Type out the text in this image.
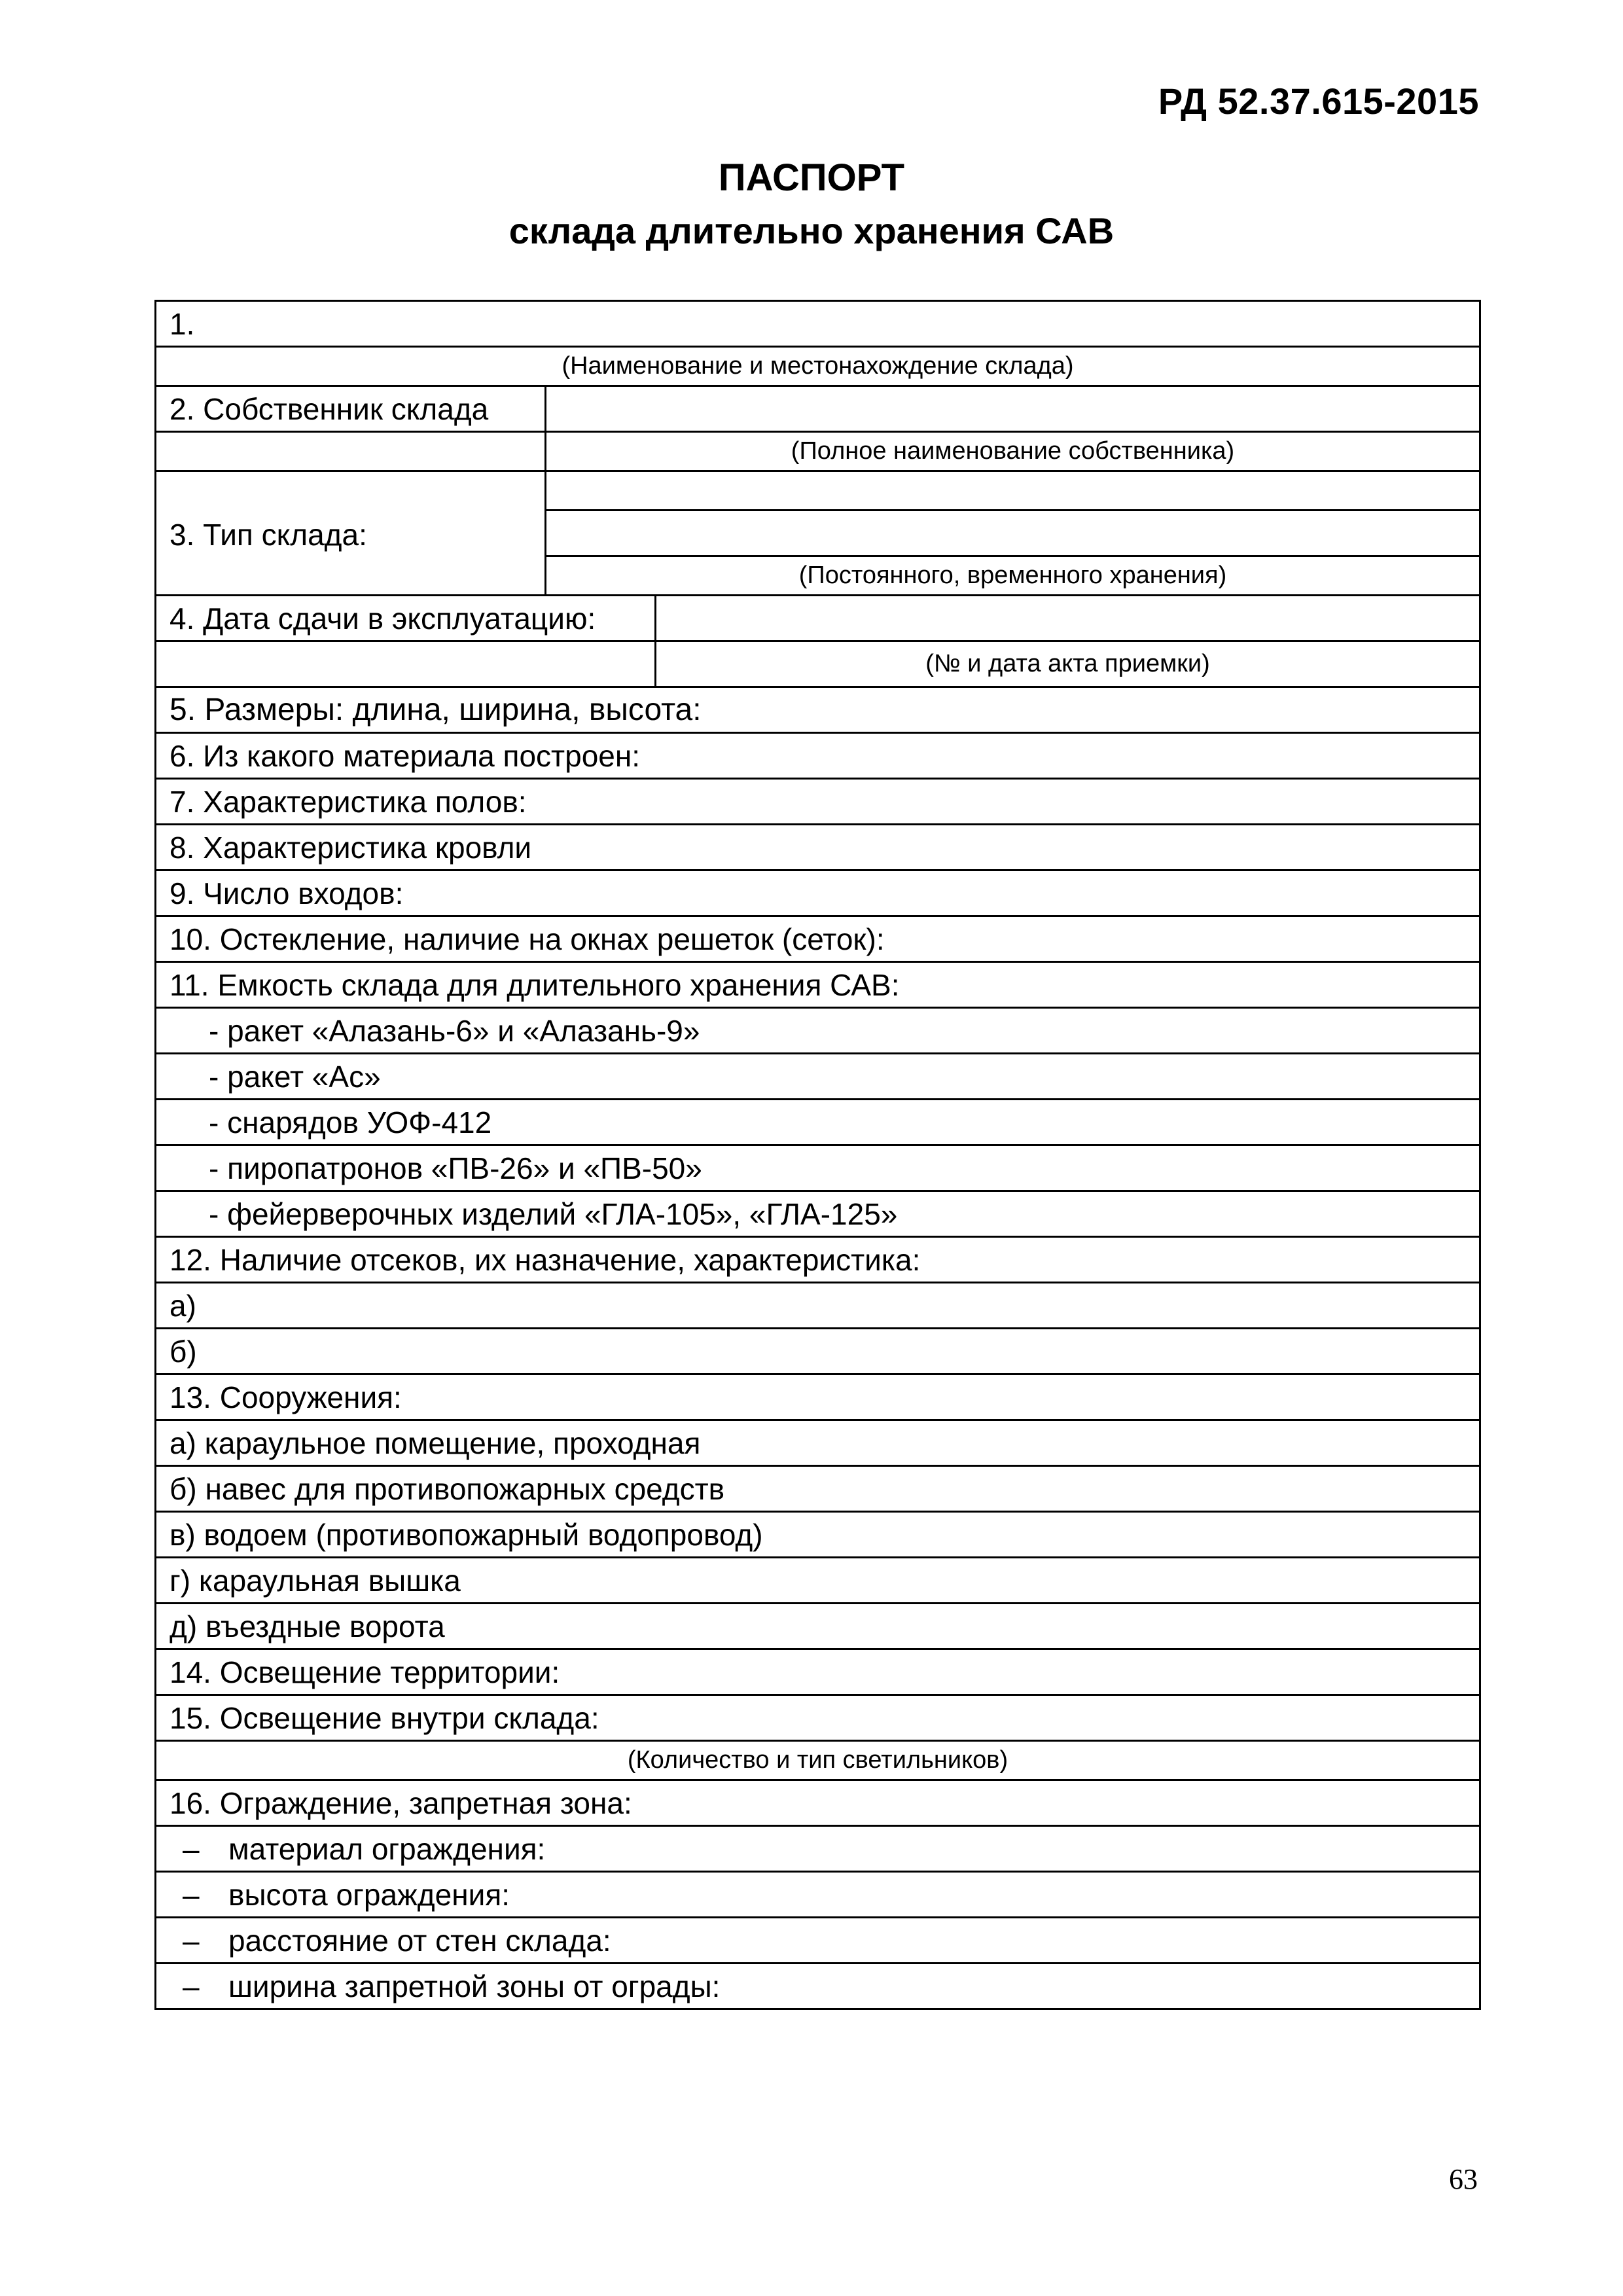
РД 52.37.615-2015
ПАСПОРТ
склада длительно хранения САВ
1.		
(Наименование и местонахождение склада)		
2. Собственник склада		
	(Полное наименование собственника)	

3. Тип склада:		
	(Постоянного, временного хранения)	
4. Дата сдачи в эксплуатацию:		
		(№ и дата акта приемки)
5. Размеры: длина, ширина, высота:		
6. Из какого материала построен:		
7. Характеристика полов:		
8. Характеристика кровли		
9. Число входов:		
10. Остекление, наличие на окнах решеток (сеток):		
11. Емкость склада для длительного хранения САВ:		
- ракет «Алазань-6» и «Алазань-9»		
- ракет «Ас»		
- снарядов УОФ-412		
- пиропатронов «ПВ-26» и «ПВ-50»		
- фейерверочных изделий «ГЛА-105», «ГЛА-125»		
12. Наличие отсеков, их назначение, характеристика:		
а)		
б)		
13. Сооружения:		
а) караульное помещение, проходная		
б) навес для противопожарных средств		
в) водоем (противопожарный водопровод)		
г) караульная вышка		
д) въездные ворота		
14. Освещение территории:		
15. Освещение внутри склада:		
(Количество и тип светильников)		
16. Ограждение, запретная зона:		
– материал ограждения:		
– высота ограждения:		
– расстояние от стен склада:		
– ширина запретной зоны от ограды:		
63
